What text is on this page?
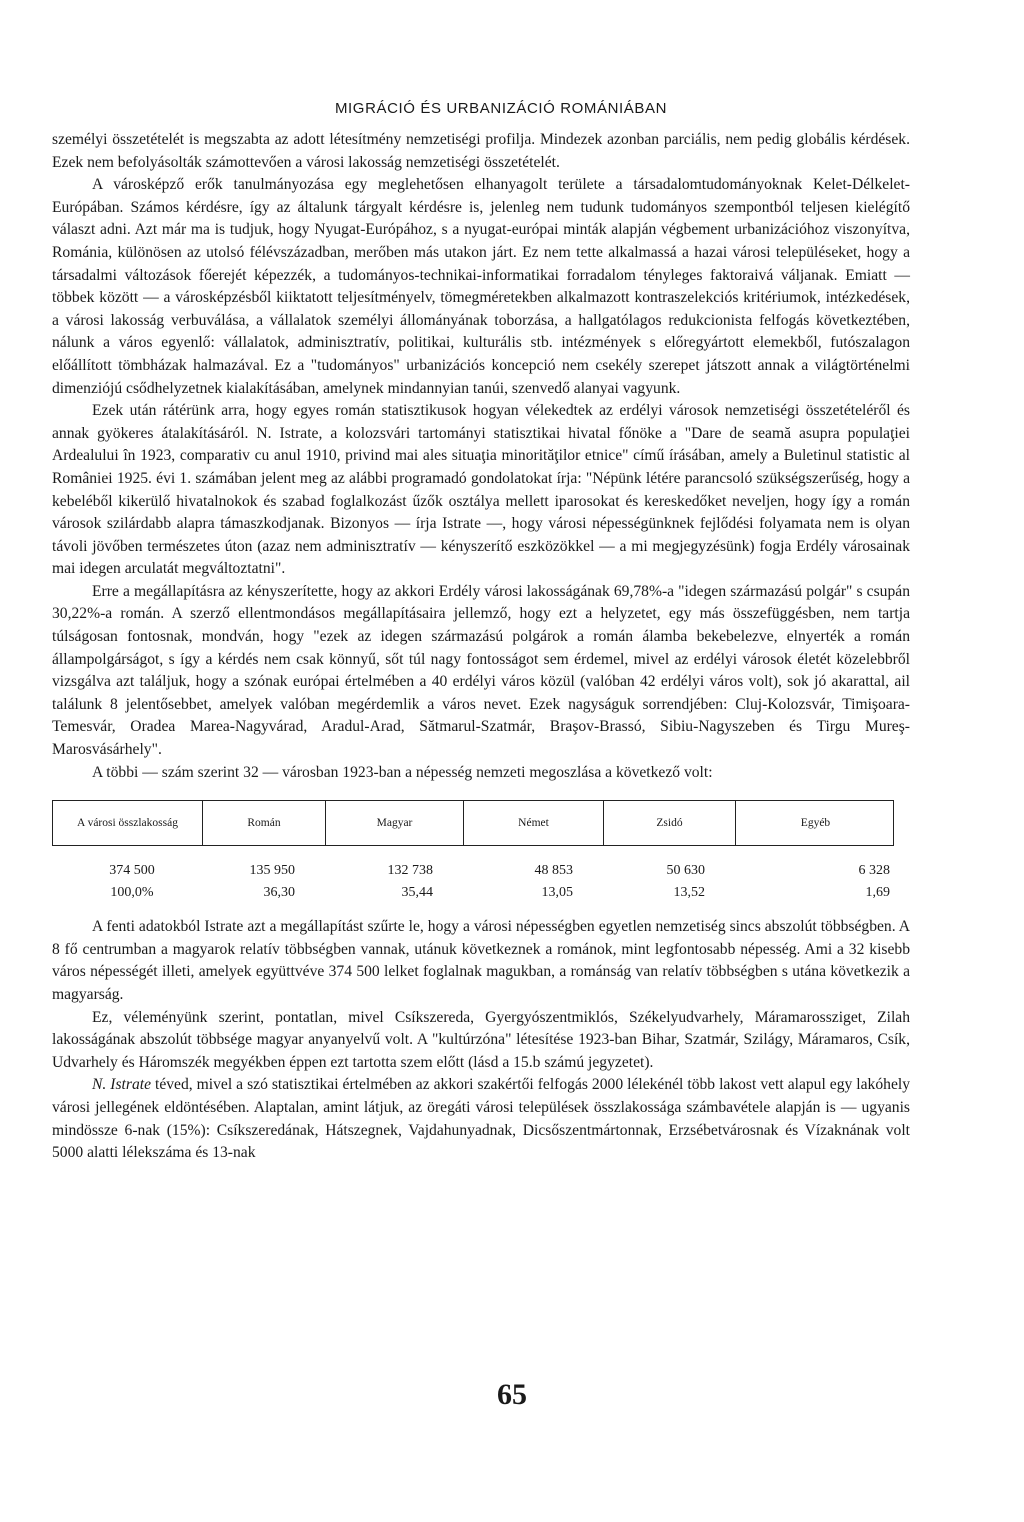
MIGRÁCIÓ ÉS URBANIZÁCIÓ ROMÁNIÁBAN

személyi összetételét is megszabta az adott létesítmény nemzetiségi profilja. Mindezek azonban parciális, nem pedig globális kérdések. Ezek nem befolyásolták számottevően a városi lakosság nemzetiségi összetételét.

A városképző erők tanulmányozása egy meglehetősen elhanyagolt területe a társadalomtudományoknak Kelet-Délkelet-Európában. Számos kérdésre, így az általunk tárgyalt kérdésre is, jelenleg nem tudunk tudományos szempontból teljesen kielégítő választ adni. Azt már ma is tudjuk, hogy Nyugat-Európához, s a nyugat-európai minták alapján végbement urbanizációhoz viszonyítva, Románia, különösen az utolsó félévszázadban, merőben más utakon járt. Ez nem tette alkalmassá a hazai városi településeket, hogy a társadalmi változások főerejét képezzék, a tudományos-technikai-informatikai forradalom tényleges faktoraivá váljanak. Emiatt — többek között — a városképzésből kiiktatott teljesítményelv, tömegméretekben alkalmazott kontraszelekciós kritériumok, intézkedések, a városi lakosság verbuválása, a vállalatok személyi állományának toborzása, a hallgatólagos redukcionista felfogás következtében, nálunk a város egyenlő: vállalatok, adminisztratív, politikai, kulturális stb. intézmények s előregyártott elemekből, futószalagon előállított tömbházak halmazával. Ez a "tudományos" urbanizációs koncepció nem csekély szerepet játszott annak a világtörténelmi dimenziójú csődhelyzetnek kialakításában, amelynek mindannyian tanúi, szenvedő alanyai vagyunk.

Ezek után rátérünk arra, hogy egyes román statisztikusok hogyan vélekedtek az erdélyi városok nemzetiségi összetételéről és annak gyökeres átalakításáról. N. Istrate, a kolozsvári tartományi statisztikai hivatal főnöke a "Dare de seamă asupra populaţiei Ardealului în 1923, comparativ cu anul 1910, privind mai ales situaţia minorităţilor etnice" című írásában, amely a Buletinul statistic al României 1925. évi 1. számában jelent meg az alábbi programadó gondolatokat írja: "Népünk létére parancsoló szükségszerűség, hogy a kebeléből kikerülő hivatalnokok és szabad foglalkozást űzők osztálya mellett iparosokat és kereskedőket neveljen, hogy így a román városok szilárdabb alapra támaszkodjanak. Bizonyos — írja Istrate —, hogy városi népességünknek fejlődési folyamata nem is olyan távoli jövőben természetes úton (azaz nem adminisztratív — kényszerítő eszközökkel — a mi megjegyzésünk) fogja Erdély városainak mai idegen arculatát megváltoztatni".

Erre a megállapításra az kényszerítette, hogy az akkori Erdély városi lakosságának 69,78%-a "idegen származású polgár" s csupán 30,22%-a román. A szerző ellentmondásos megállapításaira jellemző, hogy ezt a helyzetet, egy más összefüggésben, nem tartja túlságosan fontosnak, mondván, hogy "ezek az idegen származású polgárok a román álamba bekebelezve, elnyerték a román állampolgárságot, s így a kérdés nem csak könnyű, sőt túl nagy fontosságot sem érdemel, mivel az erdélyi városok életét közelebbről vizsgálva azt találjuk, hogy a szónak európai értelmében a 40 erdélyi város közül (valóban 42 erdélyi város volt), sok jó akarattal, ail találunk 8 jelentősebbet, amelyek valóban megérdemlik a város nevet. Ezek nagyságuk sorrendjében: Cluj-Kolozsvár, Timişoara-Temesvár, Oradea Marea-Nagyvárad, Aradul-Arad, Sătmarul-Szatmár, Braşov-Brassó, Sibiu-Nagyszeben és Tirgu Mureş-Marosvásárhely".

A többi — szám szerint 32 — városban 1923-ban a népesség nemzeti megoszlása a következő volt:

A városi összlakosság	Román	Magyar	Német	Zsidó	Egyéb
374 500	135 950	132 738	48 853	50 630	6 328
100,0%	36,30	35,44	13,05	13,52	1,69

A fenti adatokból Istrate azt a megállapítást szűrte le, hogy a városi népességben egyetlen nemzetiség sincs abszolút többségben. A 8 fő centrumban a magyarok relatív többségben vannak, utánuk következnek a románok, mint legfontosabb népesség. Ami a 32 kisebb város népességét illeti, amelyek együttvéve 374 500 lelket foglalnak magukban, a románság van relatív többségben s utána következik a magyarság.

Ez, véleményünk szerint, pontatlan, mivel Csíkszereda, Gyergyószentmiklós, Székelyudvarhely, Máramarossziget, Zilah lakosságának abszolút többsége magyar anyanyelvű volt. A "kultúrzóna" létesítése 1923-ban Bihar, Szatmár, Szilágy, Máramaros, Csík, Udvarhely és Háromszék megyékben éppen ezt tartotta szem előtt (lásd a 15.b számú jegyzetet).

N. Istrate téved, mivel a szó statisztikai értelmében az akkori szakértői felfogás 2000 lélekénél több lakost vett alapul egy lakóhely városi jellegének eldöntésében. Alaptalan, amint látjuk, az öregáti városi települések összlakossága számbavétele alapján is — ugyanis mindössze 6-nak (15%): Csíkszeredának, Hátszegnek, Vajdahunyadnak, Dicsőszentmártonnak, Erzsébetvárosnak és Vízaknának volt 5000 alatti lélekszáma és 13-nak

65
